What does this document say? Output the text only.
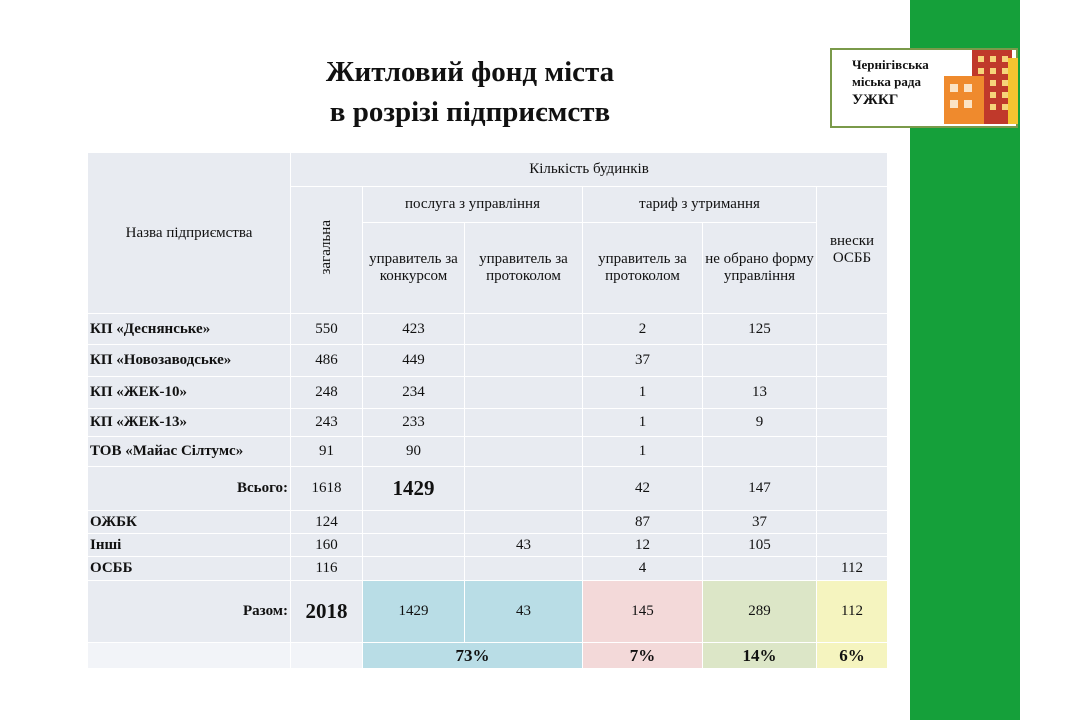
Житловий фонд міста
в розрізі підприємств
Чернігівська
міська рада
УЖКГ
Назва підприємства	Кількість будинків					
	загальна	послуга з управління		тариф з утримання		внески ОСББ
		управитель за конкурсом	управитель за протоколом	управитель за протоколом	не обрано форму управління	
КП «Деснянське»	550	423		2	125	
КП «Новозаводське»	486	449		37		
КП «ЖЕК-10»	248	234		1	13	
КП «ЖЕК-13»	243	233		1	9	
ТОВ «Майас Сілтумс»	91	90		1		
Всього:	1618	1429		42	147	
ОЖБК	124			87	37	
Інші	160		43	12	105	
ОСББ	116			4		112
Разом:	2018	1429	43	145	289	112
		73%		7%	14%	6%
